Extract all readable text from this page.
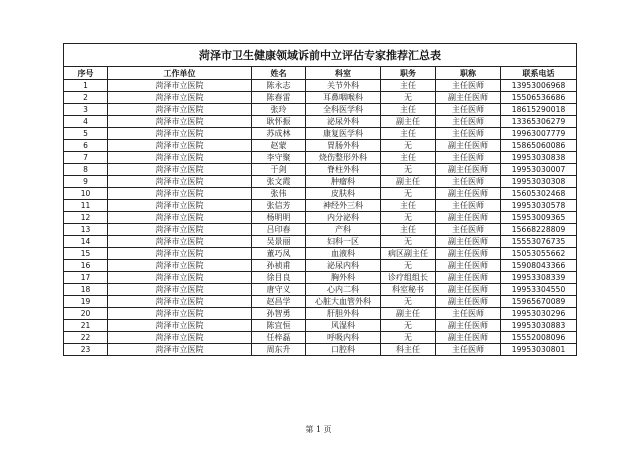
菏泽市卫生健康领域诉前中立评估专家推荐汇总表						
序号	工作单位	姓名	科室	职务	职称	联系电话
1	菏泽市立医院	陈永志	关节外科	主任	主任医师	13953006968
2	菏泽市立医院	陈春雷	耳鼻咽喉科	无	副主任医师	15506536686
3	菏泽市立医院	张玲	全科医学科	主任	主任医师	18615290018
4	菏泽市立医院	耿怀振	泌尿外科	副主任	主任医师	13365306279
5	菏泽市立医院	苏成林	康复医学科	主任	主任医师	19963007779
6	菏泽市立医院	赵蒙	胃肠外科	无	副主任医师	15865060086
7	菏泽市立医院	李守聚	烧伤整形外科	主任	主任医师	19953030838
8	菏泽市立医院	于剑	脊柱外科	无	副主任医师	19953030007
9	菏泽市立医院	张文霞	肿瘤科	副主任	主任医师	19953030308
10	菏泽市立医院	张伟	皮肤科	无	副主任医师	15605302468
11	菏泽市立医院	张信芳	神经外三科	主任	主任医师	19953030578
12	菏泽市立医院	杨明明	内分泌科	无	副主任医师	15953009365
13	菏泽市立医院	吕印春	产科	主任	主任医师	15668228809
14	菏泽市立医院	吴景丽	妇科一区	无	副主任医师	15553076735
15	菏泽市立医院	董巧凤	血液科	病区副主任	副主任医师	15053055662
16	菏泽市立医院	孙祯甫	泌尿内科	无	副主任医师	15908043366
17	菏泽市立医院	徐目良	胸外科	诊疗组组长	副主任医师	19953308339
18	菏泽市立医院	唐守义	心内二科	科室秘书	副主任医师	19953304550
19	菏泽市立医院	赵昌学	心脏大血管外科	无	副主任医师	15965670089
20	菏泽市立医院	孙智勇	肝胆外科	副主任	主任医师	19953030296
21	菏泽市立医院	陈宜恒	风湿科	无	副主任医师	19953030883
22	菏泽市立医院	任梓磊	呼吸内科	无	副主任医师	15552008096
23	菏泽市立医院	周东升	口腔科	科主任	主任医师	19953030801
第 1 页
